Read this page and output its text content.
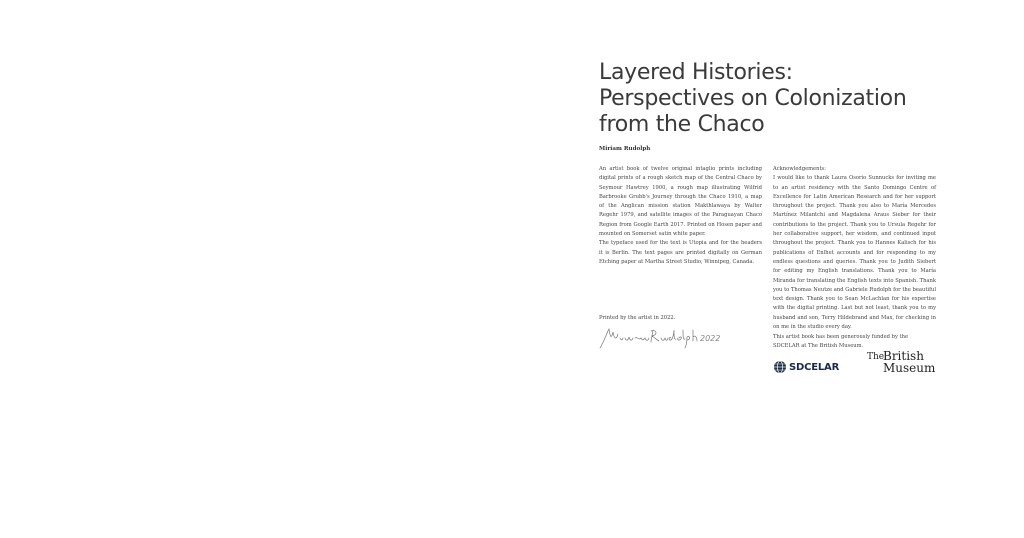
Layered Histories:
Perspectives on Colonization
from the Chaco
Miriam Rudolph

An artist book of twelve original intaglio prints including digital prints of a rough sketch map of the Central Chaco by Seymour Hawtrey 1900, a rough map illustrating Wilfrid Barbrooke Grubb's Journey through the Chaco 1910, a map of the Anglican mission station Makthlawaya by Walter Regehr 1979, and satellite images of the Paraguayan Chaco Region from Google Earth 2017. Printed on Hosen paper and mounted on Somerset satin white paper.

The typeface used for the text is Utopia and for the headers it is Berlin. The text pages are printed digitally on German Etching paper at Martha Street Studio, Winnipeg, Canada.

Printed by the artist in 2022.
2022

Acknowledgements:

I would like to thank Laura Osorio Sunnucks for inviting me to an artist residency with the Santo Domingo Centre of Excellence for Latin American Research and for her support throughout the project. Thank you also to María Mercedes Martínez Milantchi and Magdalena Araus Sieber for their contributions to the project. Thank you to Ursula Regehr for her collaborative support, her wisdom, and continued input throughout the project. Thank you to Hannes Kalisch for his publications of Enlhet accounts and for responding to my endless questions and queries. Thank you to Judith Siebert for editing my English translations. Thank you to María Miranda for translating the English texts into Spanish. Thank you to Thomas Neutze and Gabriele Rudolph for the beautiful text design. Thank you to Sean McLachlan for his expertise with the digital printing. Last but not least, thank you to my husband and son, Terry Hildebrand and Max, for checking in on me in the studio every day.

This artist book has been generously funded by the SDCELAR at The British Museum.
SDCELAR
The
British
Museum
